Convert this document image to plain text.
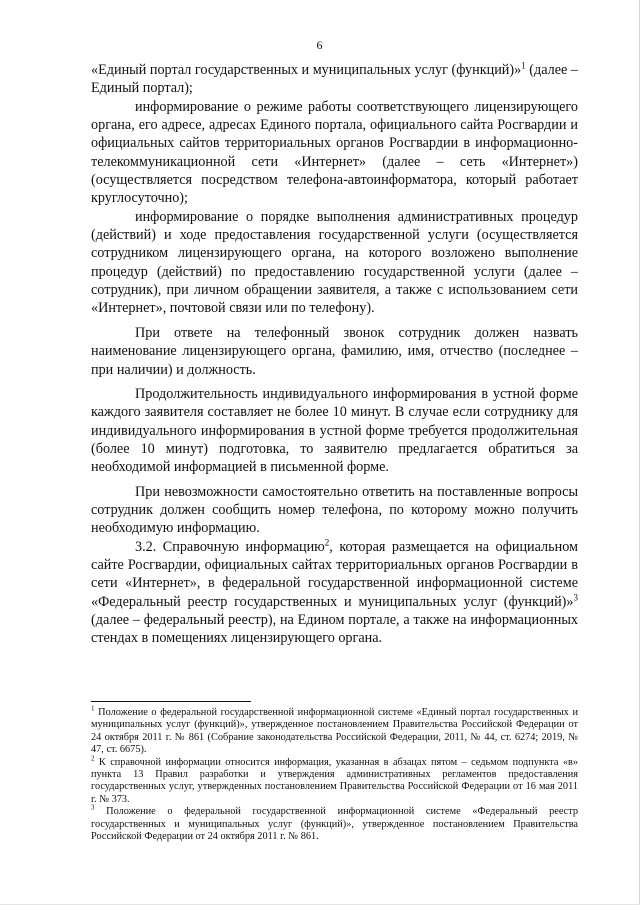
6

«Единый портал государственных и муниципальных услуг (функций)»$^1$ (далее – Единый портал);

информирование о режиме работы соответствующего лицензирующего органа, его адресе, адресах Единого портала, официального сайта Росгвардии и официальных сайтов территориальных органов Росгвардии в информационно-телекоммуникационной сети «Интернет» (далее – сеть «Интернет») (осуществляется посредством телефона-автоинформатора, который работает круглосуточно);

информирование о порядке выполнения административных процедур (действий) и ходе предоставления государственной услуги (осуществляется сотрудником лицензирующего органа, на которого возложено выполнение процедур (действий) по предоставлению государственной услуги (далее – сотрудник), при личном обращении заявителя, а также с использованием сети «Интернет», почтовой связи или по телефону).

При ответе на телефонный звонок сотрудник должен назвать наименование лицензирующего органа, фамилию, имя, отчество (последнее – при наличии) и должность.

Продолжительность индивидуального информирования в устной форме каждого заявителя составляет не более 10 минут. В случае если сотруднику для индивидуального информирования в устной форме требуется продолжительная (более 10 минут) подготовка, то заявителю предлагается обратиться за необходимой информацией в письменной форме.

При невозможности самостоятельно ответить на поставленные вопросы сотрудник должен сообщить номер телефона, по которому можно получить необходимую информацию.

3.2. Справочную информацию$^2$, которая размещается на официальном сайте Росгвардии, официальных сайтах территориальных органов Росгвардии в сети «Интернет», в федеральной государственной информационной системе «Федеральный реестр государственных и муниципальных услуг (функций)»$^3$ (далее – федеральный реестр), на Едином портале, а также на информационных стендах в помещениях лицензирующего органа.

$^1$ Положение о федеральной государственной информационной системе «Единый портал государственных и муниципальных услуг (функций)», утвержденное постановлением Правительства Российской Федерации от 24 октября 2011 г. № 861 (Собрание законодательства Российской Федерации, 2011, № 44, ст. 6274; 2019, № 47, ст. 6675).

$^2$ К справочной информации относится информация, указанная в абзацах пятом – седьмом подпункта «в» пункта 13 Правил разработки и утверждения административных регламентов предоставления государственных услуг, утвержденных постановлением Правительства Российской Федерации от 16 мая 2011 г. № 373.

$^3$ Положение о федеральной государственной информационной системе «Федеральный реестр государственных и муниципальных услуг (функций)», утвержденное постановлением Правительства Российской Федерации от 24 октября 2011 г. № 861.
